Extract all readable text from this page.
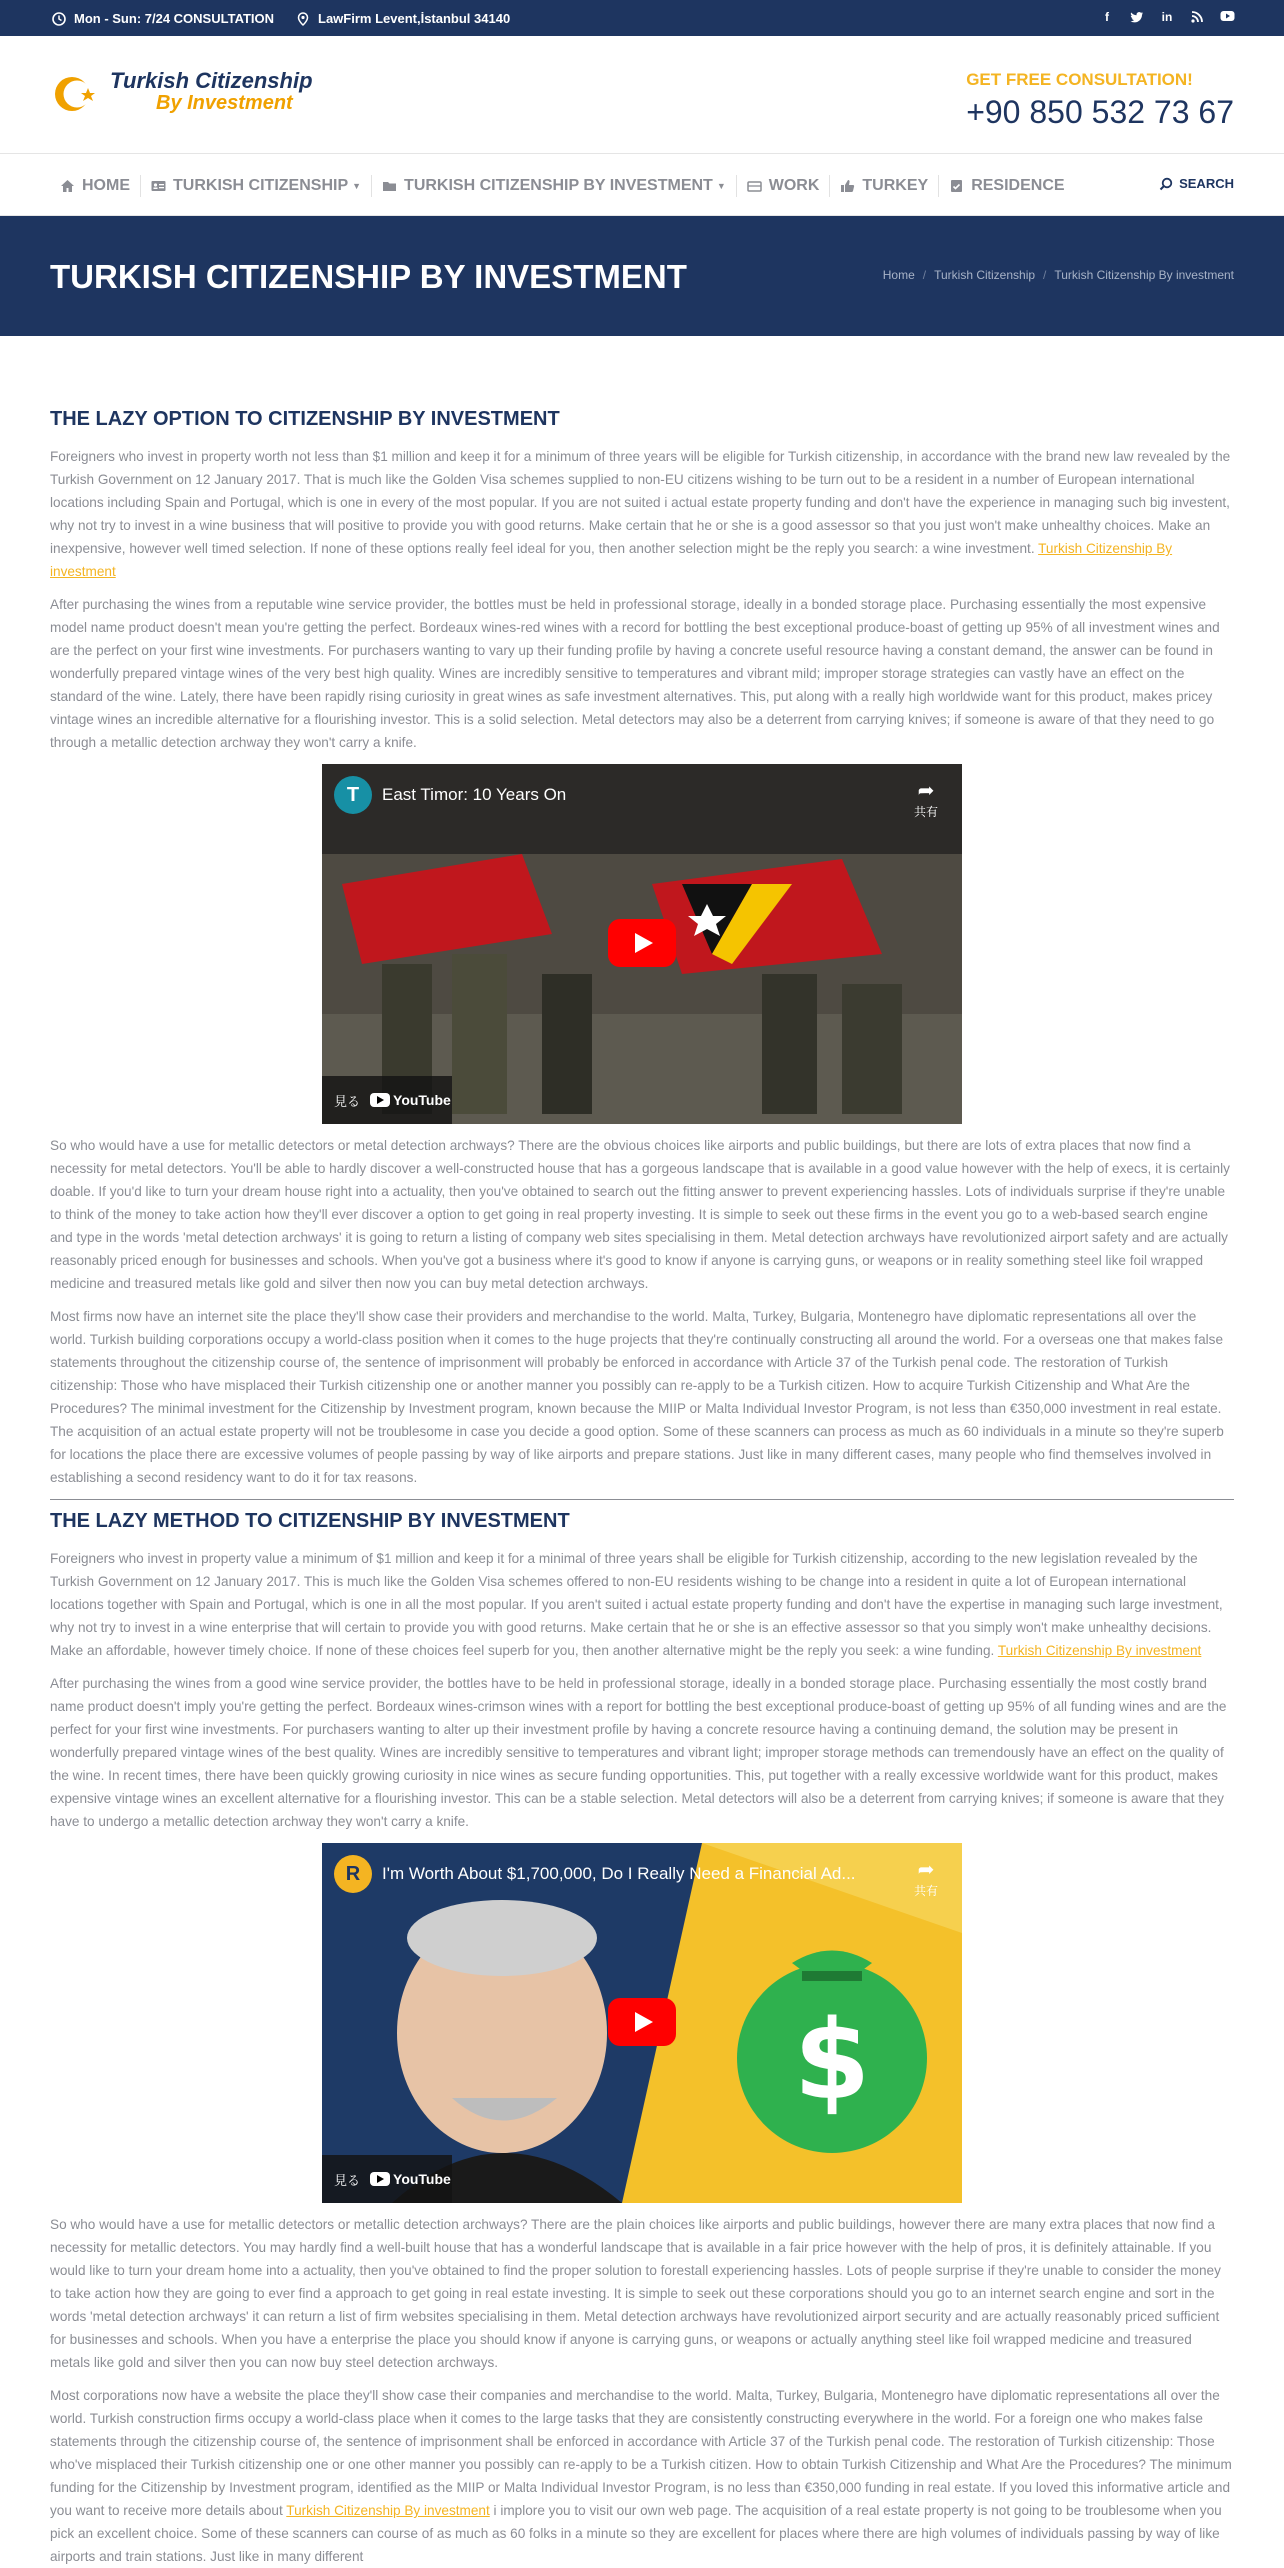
Mon - Sun: 7/24 CONSULTATION	LawFirm Levent,İstanbul 34140	f	in
Turkish Citizenship
By Investment
GET FREE CONSULTATION!
+90 850 532 73 67
HOME	TURKISH CITIZENSHIP ▼	TURKISH CITIZENSHIP BY INVESTMENT ▼	WORK	TURKEY	RESIDENCE	SEARCH
TURKISH CITIZENSHIP BY INVESTMENT	Home / Turkish Citizenship / Turkish Citizenship By investment
THE LAZY OPTION TO CITIZENSHIP BY INVESTMENT

Foreigners who invest in property worth not less than $1 million and keep it for a minimum of three years will be eligible for Turkish citizenship, in accordance with the brand new law revealed by the Turkish Government on 12 January 2017. That is much like the Golden Visa schemes supplied to non-EU citizens wishing to be turn out to be a resident in a number of European international locations including Spain and Portugal, which is one in every of the most popular. If you are not suited i actual estate property funding and don't have the experience in managing such big investent, why not try to invest in a wine business that will positive to provide you with good returns. Make certain that he or she is a good assessor so that you just won't make unhealthy choices. Make an inexpensive, however well timed selection. If none of these options really feel ideal for you, then another selection might be the reply you search: a wine investment. Turkish Citizenship By investment

After purchasing the wines from a reputable wine service provider, the bottles must be held in professional storage, ideally in a bonded storage place. Purchasing essentially the most expensive model name product doesn't mean you're getting the perfect. Bordeaux wines-red wines with a record for bottling the best exceptional produce-boast of getting up 95% of all investment wines and are the perfect on your first wine investments. For purchasers wanting to vary up their funding profile by having a concrete useful resource having a constant demand, the answer can be found in wonderfully prepared vintage wines of the very best high quality. Wines are incredibly sensitive to temperatures and vibrant mild; improper storage strategies can vastly have an effect on the standard of the wine. Lately, there have been rapidly rising curiosity in great wines as safe investment alternatives. This, put along with a really high worldwide want for this product, makes pricey vintage wines an incredible alternative for a flourishing investor. This is a solid selection. Metal detectors may also be a deterrent from carrying knives; if someone is aware of that they need to go through a metallic detection archway they won't carry a knife.

T	East Timor: 10 Years On	➦
共有
見る YouTube

So who would have a use for metallic detectors or metal detection archways? There are the obvious choices like airports and public buildings, but there are lots of extra places that now find a necessity for metal detectors. You'll be able to hardly discover a well-constructed house that has a gorgeous landscape that is available in a good value however with the help of execs, it is certainly doable. If you'd like to turn your dream house right into a actuality, then you've obtained to search out the fitting answer to prevent experiencing hassles. Lots of individuals surprise if they're unable to think of the money to take action how they'll ever discover a option to get going in real property investing. It is simple to seek out these firms in the event you go to a web-based search engine and type in the words 'metal detection archways' it is going to return a listing of company web sites specialising in them. Metal detection archways have revolutionized airport safety and are actually reasonably priced enough for businesses and schools. When you've got a business where it's good to know if anyone is carrying guns, or weapons or in reality something steel like foil wrapped medicine and treasured metals like gold and silver then now you can buy metal detection archways.

Most firms now have an internet site the place they'll show case their providers and merchandise to the world. Malta, Turkey, Bulgaria, Montenegro have diplomatic representations all over the world. Turkish building corporations occupy a world-class position when it comes to the huge projects that they're continually constructing all around the world. For a overseas one that makes false statements throughout the citizenship course of, the sentence of imprisonment will probably be enforced in accordance with Article 37 of the Turkish penal code. The restoration of Turkish citizenship: Those who have misplaced their Turkish citizenship one or another manner you possibly can re-apply to be a Turkish citizen. How to acquire Turkish Citizenship and What Are the Procedures? The minimal investment for the Citizenship by Investment program, known because the MIIP or Malta Individual Investor Program, is not less than €350,000 investment in real estate. The acquisition of an actual estate property will not be troublesome in case you decide a good option. Some of these scanners can process as much as 60 individuals in a minute so they're superb for locations the place there are excessive volumes of people passing by way of like airports and prepare stations. Just like in many different cases, many people who find themselves involved in establishing a second residency want to do it for tax reasons.

THE LAZY METHOD TO CITIZENSHIP BY INVESTMENT

Foreigners who invest in property value a minimum of $1 million and keep it for a minimal of three years shall be eligible for Turkish citizenship, according to the new legislation revealed by the Turkish Government on 12 January 2017. This is much like the Golden Visa schemes offered to non-EU residents wishing to be change into a resident in quite a lot of European international locations together with Spain and Portugal, which is one in all the most popular. If you aren't suited i actual estate property funding and don't have the expertise in managing such large investment, why not try to invest in a wine enterprise that will certain to provide you with good returns. Make certain that he or she is an effective assessor so that you simply won't make unhealthy decisions. Make an affordable, however timely choice. If none of these choices feel superb for you, then another alternative might be the reply you seek: a wine funding. Turkish Citizenship By investment

After purchasing the wines from a good wine service provider, the bottles have to be held in professional storage, ideally in a bonded storage place. Purchasing essentially the most costly brand name product doesn't imply you're getting the perfect. Bordeaux wines-crimson wines with a report for bottling the best exceptional produce-boast of getting up 95% of all funding wines and are the perfect for your first wine investments. For purchasers wanting to alter up their investment profile by having a concrete resource having a continuing demand, the solution may be present in wonderfully prepared vintage wines of the best quality. Wines are incredibly sensitive to temperatures and vibrant light; improper storage methods can tremendously have an effect on the quality of the wine. In recent times, there have been quickly growing curiosity in nice wines as secure funding opportunities. This, put together with a really excessive worldwide want for this product, makes expensive vintage wines an excellent alternative for a flourishing investor. This can be a stable selection. Metal detectors will also be a deterrent from carrying knives; if someone is aware that they have to undergo a metallic detection archway they won't carry a knife.

$
R	I'm Worth About $1,700,000, Do I Really Need a Financial Ad...	➦
共有
見る YouTube

So who would have a use for metallic detectors or metallic detection archways? There are the plain choices like airports and public buildings, however there are many extra places that now find a necessity for metallic detectors. You may hardly find a well-built house that has a wonderful landscape that is available in a fair price however with the help of pros, it is definitely attainable. If you would like to turn your dream home into a actuality, then you've obtained to find the proper solution to forestall experiencing hassles. Lots of people surprise if they're unable to consider the money to take action how they are going to ever find a approach to get going in real estate investing. It is simple to seek out these corporations should you go to an internet search engine and sort in the words 'metal detection archways' it can return a list of firm websites specialising in them. Metal detection archways have revolutionized airport security and are actually reasonably priced sufficient for businesses and schools. When you have a enterprise the place you should know if anyone is carrying guns, or weapons or actually anything steel like foil wrapped medicine and treasured metals like gold and silver then you can now buy steel detection archways.

Most corporations now have a website the place they'll show case their companies and merchandise to the world. Malta, Turkey, Bulgaria, Montenegro have diplomatic representations all over the world. Turkish construction firms occupy a world-class place when it comes to the large tasks that they are consistently constructing everywhere in the world. For a foreign one who makes false statements through the citizenship course of, the sentence of imprisonment shall be enforced in accordance with Article 37 of the Turkish penal code. The restoration of Turkish citizenship: Those who've misplaced their Turkish citizenship one or one other manner you possibly can re-apply to be a Turkish citizen. How to obtain Turkish Citizenship and What Are the Procedures? The minimum funding for the Citizenship by Investment program, identified as the MIIP or Malta Individual Investor Program, is no less than €350,000 funding in real estate. If you loved this informative article and you want to receive more details about Turkish Citizenship By investment i implore you to visit our own web page. The acquisition of a real estate property is not going to be troublesome when you pick an excellent choice. Some of these scanners can course of as much as 60 folks in a minute so they are excellent for places where there are high volumes of individuals passing by way of like airports and train stations. Just like in many different
